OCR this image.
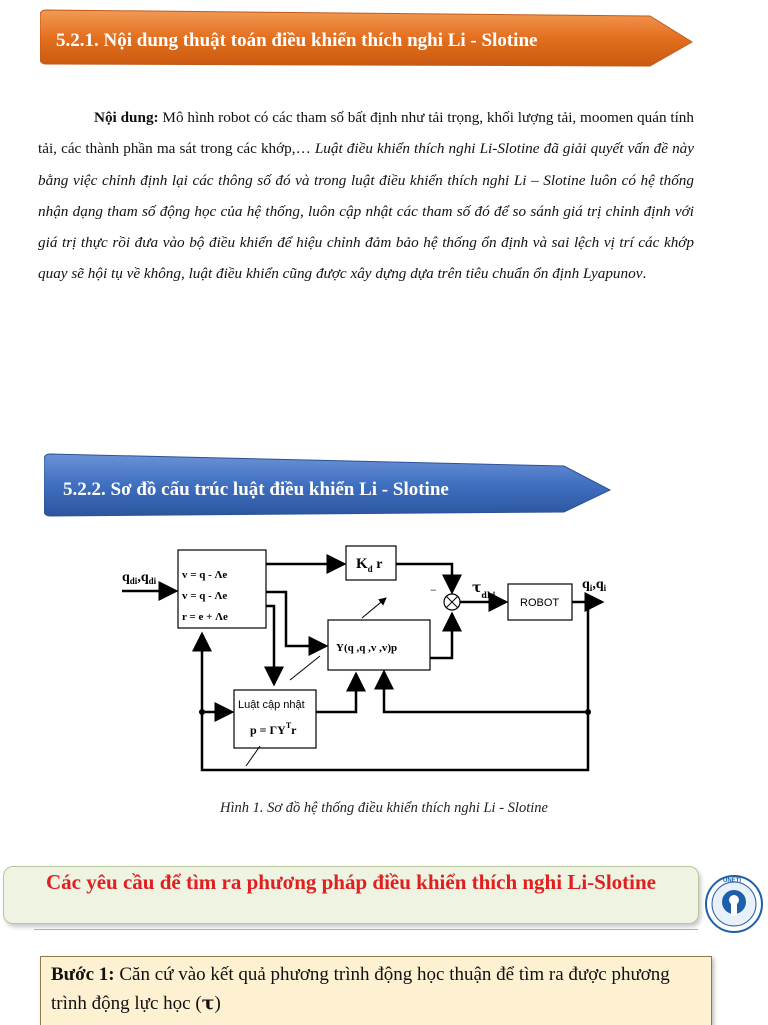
5.2.1. Nội dung thuật toán điều khiển thích nghi Li - Slotine
Nội dung: Mô hình robot có các tham số bất định như tải trọng, khối lượng tải, moomen quán tính tải, các thành phần ma sát trong các khớp,… Luật điều khiển thích nghi Li-Slotine đã giải quyết vấn đề này bằng việc chỉnh định lại các thông số đó và trong luật điều khiển thích nghi Li – Slotine luôn có hệ thống nhận dạng tham số động học của hệ thống, luôn cập nhật các tham số đó để so sánh giá trị chỉnh định với giá trị thực rồi đưa vào bộ điều khiển để hiệu chỉnh đảm bảo hệ thống ổn định và sai lệch vị trí các khớp quay sẽ hội tụ về không, luật điều khiển cũng được xây dựng dựa trên tiêu chuẩn ổn định Lyapunov.
5.2.2. Sơ đồ cấu trúc luật điều khiển Li - Slotine
$q_{di},q_{di}$ v = q - Λe
v = q - Λe
r = e + Λe
$K_d$ r
Y(q ,q ,v ,v)p
−	$\tau_{dki}$
ROBOT
$q_i,q_i$
Luật cập nhật
$p = \Gamma Y^Tr$
Hình 1. Sơ đồ hệ thống điều khiển thích nghi Li - Slotine
Các yêu cầu để tìm ra phương pháp điều khiển thích nghi Li-Slotine	UNETI
Bước 1: Căn cứ vào kết quả phương trình động học thuận để tìm ra được phương trình động lực học (τ)
